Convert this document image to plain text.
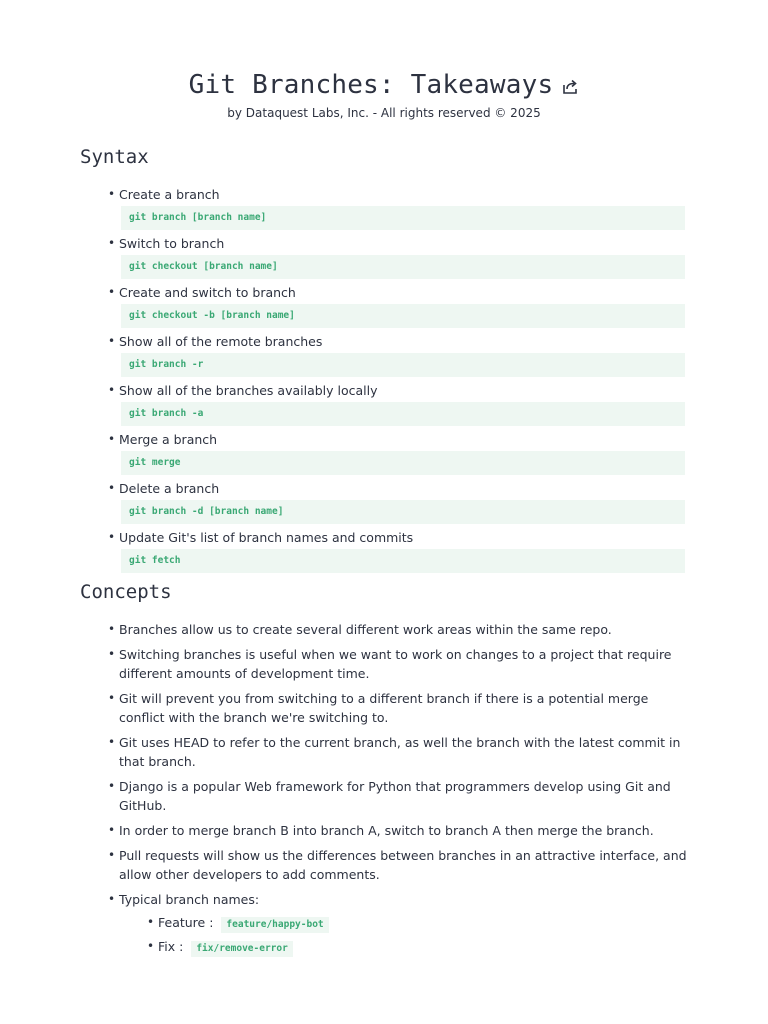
Git Branches: Takeaways
by Dataquest Labs, Inc. - All rights reserved © 2025
Syntax
• Create a branch
git branch [branch name]
• Switch to branch
git checkout [branch name]
• Create and switch to branch
git checkout -b [branch name]
• Show all of the remote branches
git branch -r
• Show all of the branches availably locally
git branch -a
• Merge a branch
git merge
• Delete a branch
git branch -d [branch name]
• Update Git's list of branch names and commits
git fetch
Concepts
• Branches allow us to create several different work areas within the same repo.
• Switching branches is useful when we want to work on changes to a project that require different amounts of development time.
• Git will prevent you from switching to a different branch if there is a potential merge conflict with the branch we're switching to.
• Git uses HEAD to refer to the current branch, as well the branch with the latest commit in that branch.
• Django is a popular Web framework for Python that programmers develop using Git and GitHub.
• In order to merge branch B into branch A, switch to branch A then merge the branch.
• Pull requests will show us the differences between branches in an attractive interface, and allow other developers to add comments.
• Typical branch names:
• Feature : feature/happy-bot
• Fix : fix/remove-error
